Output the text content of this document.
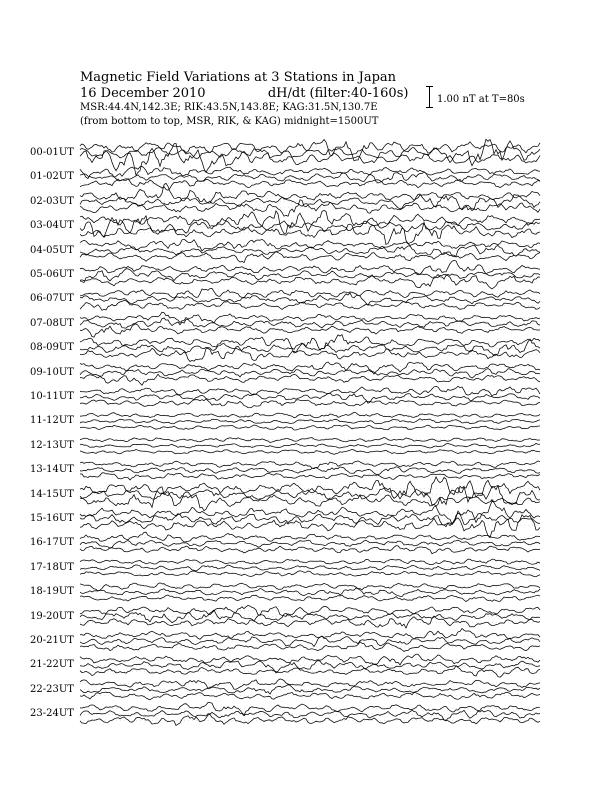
Magnetic Field Variations at 3 Stations in Japan
16 December 2010	dH/dt (filter:40-160s)
MSR:44.4N,142.3E; RIK:43.5N,143.8E; KAG:31.5N,130.7E
(from bottom to top, MSR, RIK, & KAG) midnight=1500UT
1.00 nT at T=80s
00-01UT
01-02UT
02-03UT
03-04UT
04-05UT
05-06UT
06-07UT
07-08UT
08-09UT
09-10UT
10-11UT
11-12UT
12-13UT
13-14UT
14-15UT
15-16UT
16-17UT
17-18UT
18-19UT
19-20UT
20-21UT
21-22UT
22-23UT
23-24UT
